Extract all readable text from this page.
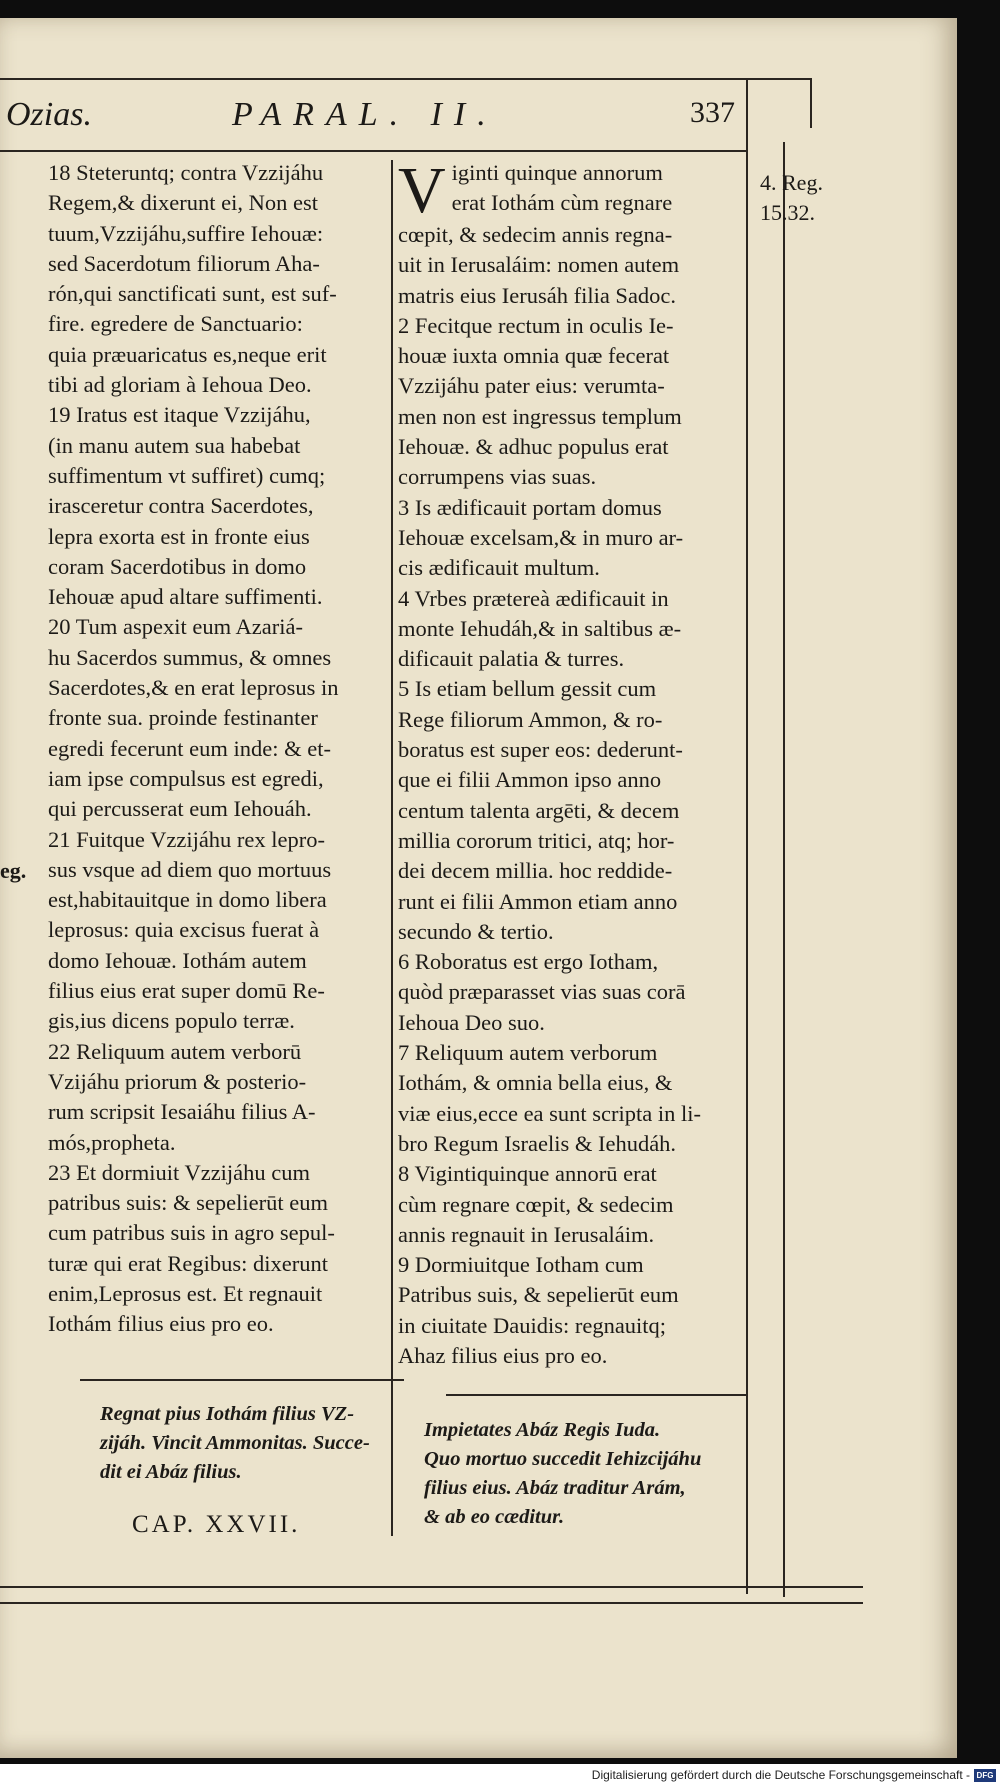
Ozias.	PARAL. II.	337
18 Steteruntq; contra Vzzijáhu
Regem,& dixerunt ei, Non est
tuum,Vzzijáhu,suffire Iehouæ:
sed Sacerdotum filiorum Aha-
rón,qui sanctificati sunt, est suf-
fire. egredere de Sanctuario:
quia præuaricatus es,neque erit
tibi ad gloriam à Iehoua Deo.
19 Iratus est itaque Vzzijáhu,
(in manu autem sua habebat
suffimentum vt suffiret) cumq;
irasceretur contra Sacerdotes,
lepra exorta est in fronte eius
coram Sacerdotibus in domo
Iehouæ apud altare suffimenti.
20 Tum aspexit eum Azariá-
hu Sacerdos summus, & omnes
Sacerdotes,& en erat leprosus in
fronte sua. proinde festinanter
egredi fecerunt eum inde: & et-
iam ipse compulsus est egredi,
qui percusserat eum Iehouáh.
21 Fuitque Vzzijáhu rex lepro-
sus vsque ad diem quo mortuus
est,habitauitque in domo libera
leprosus: quia excisus fuerat à
domo Iehouæ. Iothám autem
filius eius erat super domū Re-
gis,ius dicens populo terræ.
22 Reliquum autem verborū
Vzijáhu priorum & posterio-
rum scripsit Iesaiáhu filius A-
mós,propheta.
23 Et dormiuit Vzzijáhu cum
patribus suis: & sepelierūt eum
cum patribus suis in agro sepul-
turæ qui erat Regibus: dixerunt
enim,Leprosus est. Et regnauit
Iothám filius eius pro eo.
Regnat pius Iothám filius VZ-
zijáh. Vincit Ammonitas. Succe-
dit ei Abáz filius.
CAP. XXVII.
V iginti quinque annorum
erat Iothám cùm regnare
cœpit, & sedecim annis regna-
uit in Ierusaláim: nomen autem
matris eius Ierusáh filia Sadoc.
2 Fecitque rectum in oculis Ie-
houæ iuxta omnia quæ fecerat
Vzzijáhu pater eius: verumta-
men non est ingressus templum
Iehouæ. & adhuc populus erat
corrumpens vias suas.
3 Is ædificauit portam domus
Iehouæ excelsam,& in muro ar-
cis ædificauit multum.
4 Vrbes prætereà ædificauit in
monte Iehudáh,& in saltibus æ-
dificauit palatia & turres.
5 Is etiam bellum gessit cum
Rege filiorum Ammon, & ro-
boratus est super eos: dederunt-
que ei filii Ammon ipso anno
centum talenta argēti, & decem
millia cororum tritici, atq; hor-
dei decem millia. hoc reddide-
runt ei filii Ammon etiam anno
secundo & tertio.
6 Roboratus est ergo Iotham,
quòd præparasset vias suas corā
Iehoua Deo suo.
7 Reliquum autem verborum
Iothám, & omnia bella eius, &
viæ eius,ecce ea sunt scripta in li-
bro Regum Israelis & Iehudáh.
8 Vigintiquinque annorū erat
cùm regnare cœpit, & sedecim
annis regnauit in Ierusaláim.
9 Dormiuitque Iotham cum
Patribus suis, & sepelierūt eum
in ciuitate Dauidis: regnauitq;
Ahaz filius eius pro eo.
Impietates Abáz Regis Iuda.
Quo mortuo succedit Iehizcijáhu
filius eius. Abáz traditur Arám,
& ab eo cæditur.
4. Reg.
15.32.
eg.
Digitalisierung gefördert durch die Deutsche Forschungsgemeinschaft - DFG
